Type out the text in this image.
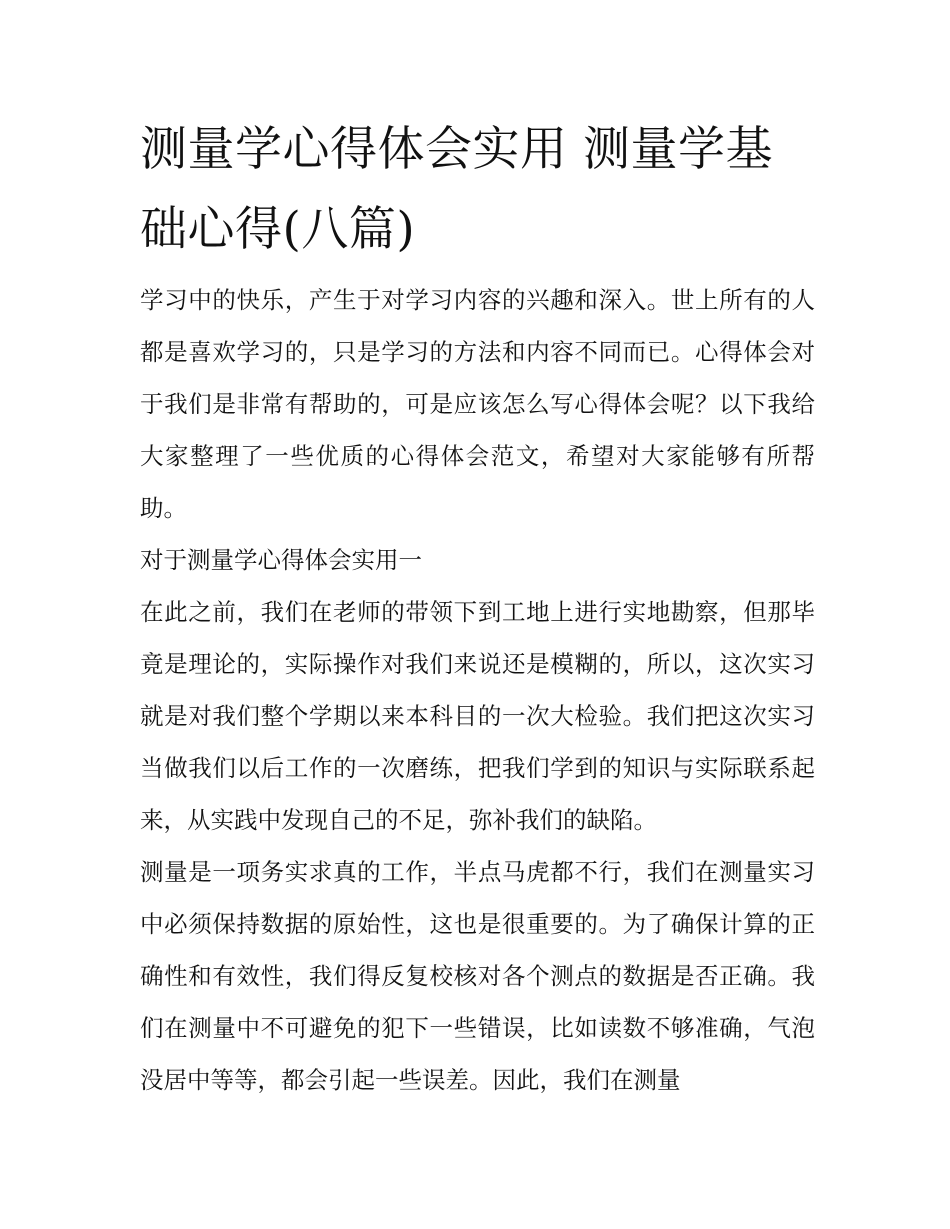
测量学心得体会实用 测量学基础心得(八篇)

学习中的快乐，产生于对学习内容的兴趣和深入。世上所有的人都是喜欢学习的，只是学习的方法和内容不同而已。心得体会对于我们是非常有帮助的，可是应该怎么写心得体会呢？以下我给大家整理了一些优质的心得体会范文，希望对大家能够有所帮助。

对于测量学心得体会实用一

在此之前，我们在老师的带领下到工地上进行实地勘察，但那毕竟是理论的，实际操作对我们来说还是模糊的，所以，这次实习就是对我们整个学期以来本科目的一次大检验。我们把这次实习当做我们以后工作的一次磨练，把我们学到的知识与实际联系起来，从实践中发现自己的不足，弥补我们的缺陷。

测量是一项务实求真的工作，半点马虎都不行，我们在测量实习中必须保持数据的原始性，这也是很重要的。为了确保计算的正确性和有效性，我们得反复校核对各个测点的数据是否正确。我们在测量中不可避免的犯下一些错误，比如读数不够准确，气泡没居中等等，都会引起一些误差。因此，我们在测量
